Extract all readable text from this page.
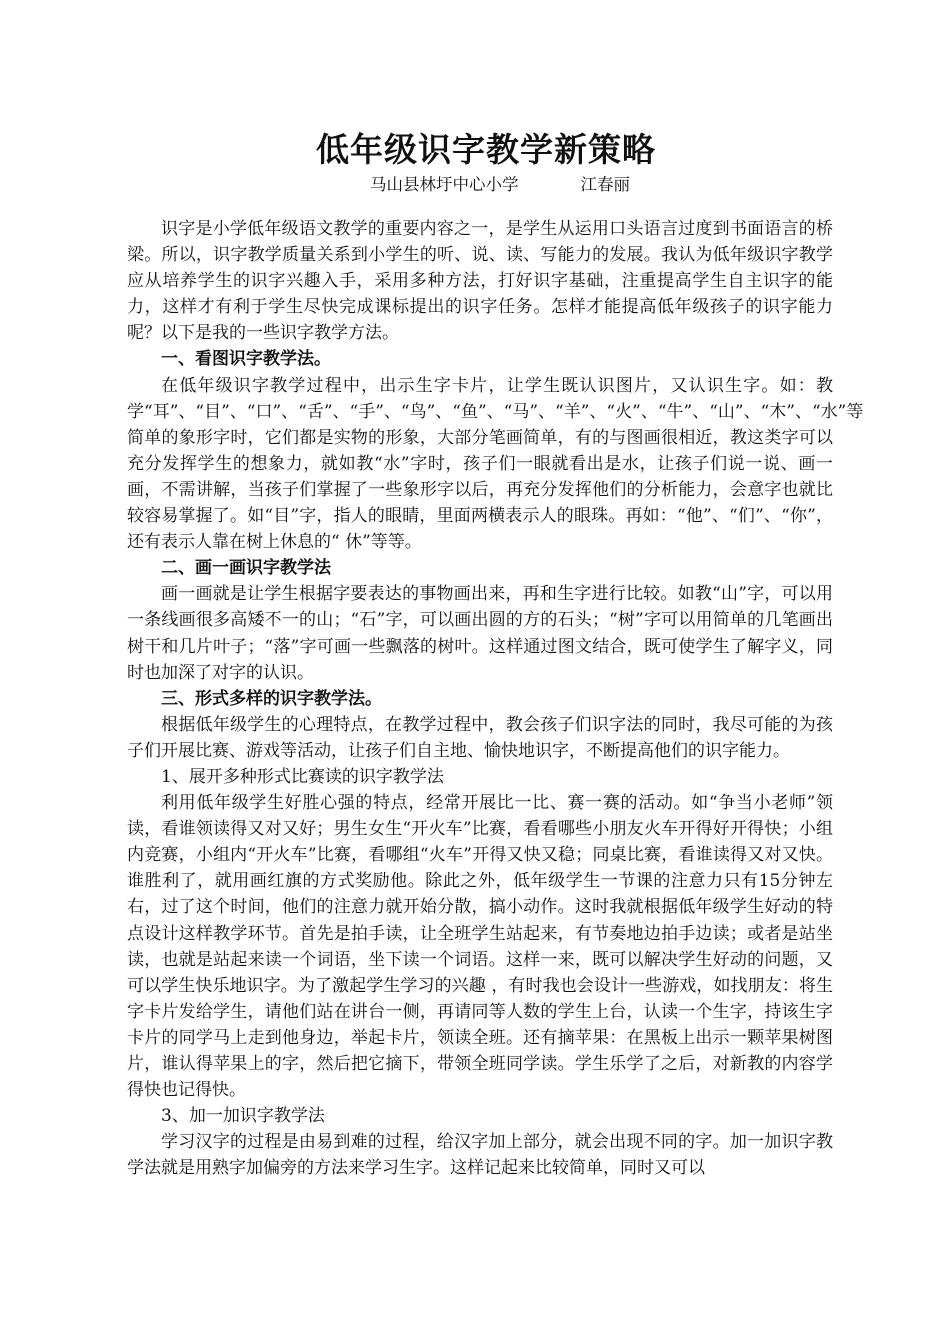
低年级识字教学新策略
马山县林圩中心小学	江春丽

识字是小学低年级语文教学的重要内容之一，是学生从运用口头语言过度到书面语言的桥梁。所以，识字教学质量关系到小学生的听、说、读、写能力的发展。我认为低年级识字教学应从培养学生的识字兴趣入手，采用多种方法，打好识字基础，注重提高学生自主识字的能力，这样才有利于学生尽快完成课标提出的识字任务。怎样才能提高低年级孩子的识字能力呢？以下是我的一些识字教学方法。

一、看图识字教学法。

在低年级识字教学过程中，出示生字卡片，让学生既认识图片，又认识生字。如：教学“耳”、“目”、“口”、“舌”、“手”、“鸟”、“鱼”、“马”、“羊”、“火”、“牛”、“山”、“木”、“水”等简单的象形字时，它们都是实物的形象，大部分笔画简单，有的与图画很相近，教这类字可以充分发挥学生的想象力，就如教“水”字时，孩子们一眼就看出是水，让孩子们说一说、画一画，不需讲解，当孩子们掌握了一些象形字以后，再充分发挥他们的分析能力，会意字也就比较容易掌握了。如“目”字，指人的眼睛，里面两横表示人的眼珠。再如：“他”、“们”、“你”，还有表示人靠在树上休息的“ 休”等等。

二、画一画识字教学法

画一画就是让学生根据字要表达的事物画出来，再和生字进行比较。如教“山”字，可以用一条线画很多高矮不一的山；“石”字，可以画出圆的方的石头；“树”字可以用简单的几笔画出树干和几片叶子；“落”字可画一些飘落的树叶。这样通过图文结合，既可使学生了解字义，同时也加深了对字的认识。

三、形式多样的识字教学法。

根据低年级学生的心理特点，在教学过程中，教会孩子们识字法的同时，我尽可能的为孩子们开展比赛、游戏等活动，让孩子们自主地、愉快地识字，不断提高他们的识字能力。

1、展开多种形式比赛读的识字教学法

利用低年级学生好胜心强的特点，经常开展比一比、赛一赛的活动。如“争当小老师”领读，看谁领读得又对又好；男生女生“开火车”比赛，看看哪些小朋友火车开得好开得快；小组内竞赛，小组内“开火车”比赛，看哪组“火车”开得又快又稳；同桌比赛，看谁读得又对又快。谁胜利了，就用画红旗的方式奖励他。除此之外，低年级学生一节课的注意力只有15分钟左右，过了这个时间，他们的注意力就开始分散，搞小动作。这时我就根据低年级学生好动的特点设计这样教学环节。首先是拍手读，让全班学生站起来，有节奏地边拍手边读；或者是站坐读，也就是站起来读一个词语，坐下读一个词语。这样一来，既可以解决学生好动的问题，又可以学生快乐地识字。为了激起学生学习的兴趣 ，有时我也会设计一些游戏，如找朋友：将生字卡片发给学生，请他们站在讲台一侧，再请同等人数的学生上台，认读一个生字，持该生字卡片的同学马上走到他身边，举起卡片，领读全班。还有摘苹果：在黑板上出示一颗苹果树图片，谁认得苹果上的字，然后把它摘下，带领全班同学读。学生乐学了之后，对新教的内容学得快也记得快。

3、加一加识字教学法

学习汉字的过程是由易到难的过程，给汉字加上部分，就会出现不同的字。加一加识字教学法就是用熟字加偏旁的方法来学习生字。这样记起来比较简单，同时又可以
